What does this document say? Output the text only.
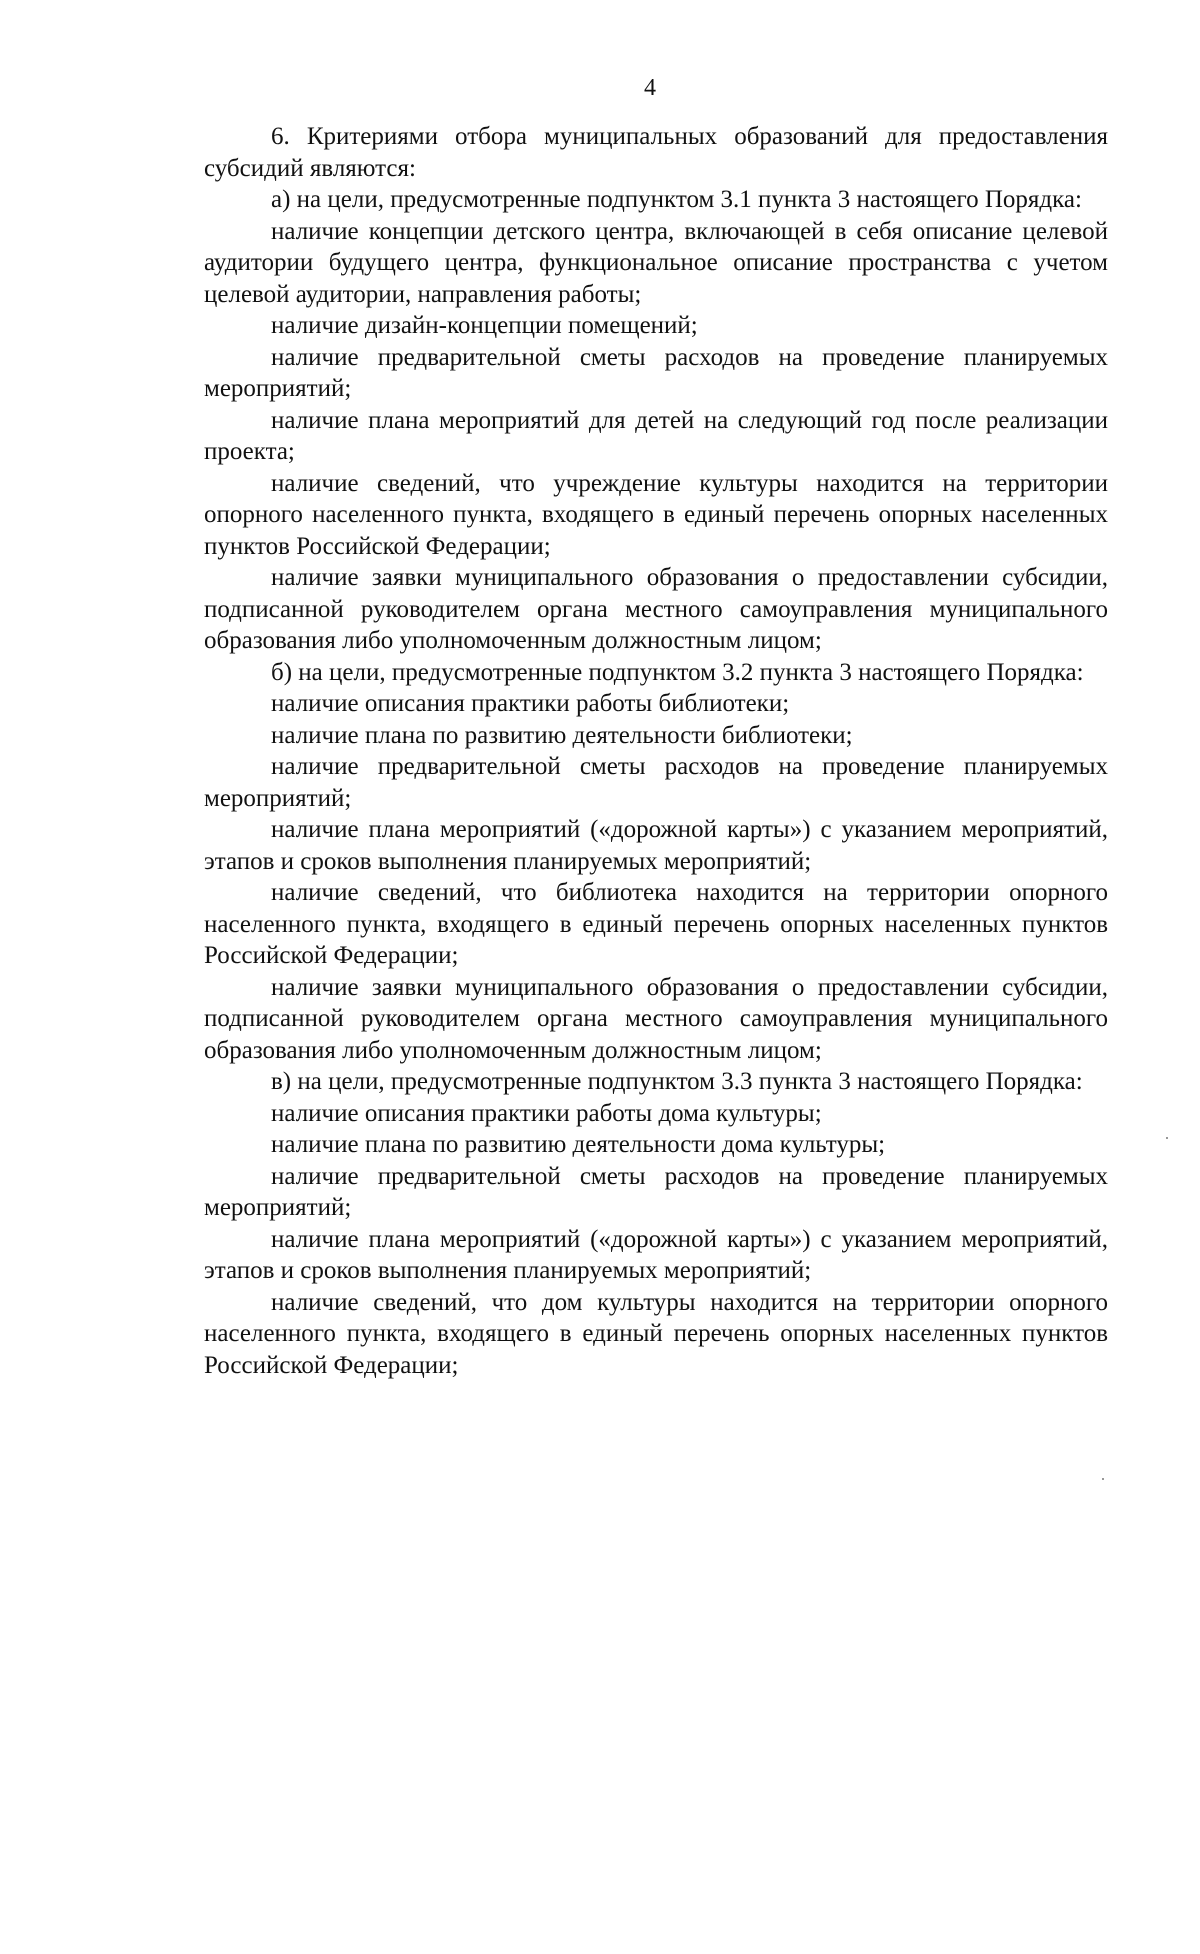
4

6. Критериями отбора муниципальных образований для предоставления субсидий являются:

а) на цели, предусмотренные подпунктом 3.1 пункта 3 настоящего Порядка:

наличие концепции детского центра, включающей в себя описание целевой аудитории будущего центра, функциональное описание пространства с учетом целевой аудитории, направления работы;

наличие дизайн-концепции помещений;

наличие предварительной сметы расходов на проведение планируемых мероприятий;

наличие плана мероприятий для детей на следующий год после реализации проекта;

наличие сведений, что учреждение культуры находится на территории опорного населенного пункта, входящего в единый перечень опорных населенных пунктов Российской Федерации;

наличие заявки муниципального образования о предоставлении субсидии, подписанной руководителем органа местного самоуправления муниципального образования либо уполномоченным должностным лицом;

б) на цели, предусмотренные подпунктом 3.2 пункта 3 настоящего Порядка:

наличие описания практики работы библиотеки;

наличие плана по развитию деятельности библиотеки;

наличие предварительной сметы расходов на проведение планируемых мероприятий;

наличие плана мероприятий («дорожной карты») с указанием мероприятий, этапов и сроков выполнения планируемых мероприятий;

наличие сведений, что библиотека находится на территории опорного населенного пункта, входящего в единый перечень опорных населенных пунктов Российской Федерации;

наличие заявки муниципального образования о предоставлении субсидии, подписанной руководителем органа местного самоуправления муниципального образования либо уполномоченным должностным лицом;

в) на цели, предусмотренные подпунктом 3.3 пункта 3 настоящего Порядка:

наличие описания практики работы дома культуры;

наличие плана по развитию деятельности дома культуры;

наличие предварительной сметы расходов на проведение планируемых мероприятий;

наличие плана мероприятий («дорожной карты») с указанием мероприятий, этапов и сроков выполнения планируемых мероприятий;

наличие сведений, что дом культуры находится на территории опорного населенного пункта, входящего в единый перечень опорных населенных пунктов Российской Федерации;
